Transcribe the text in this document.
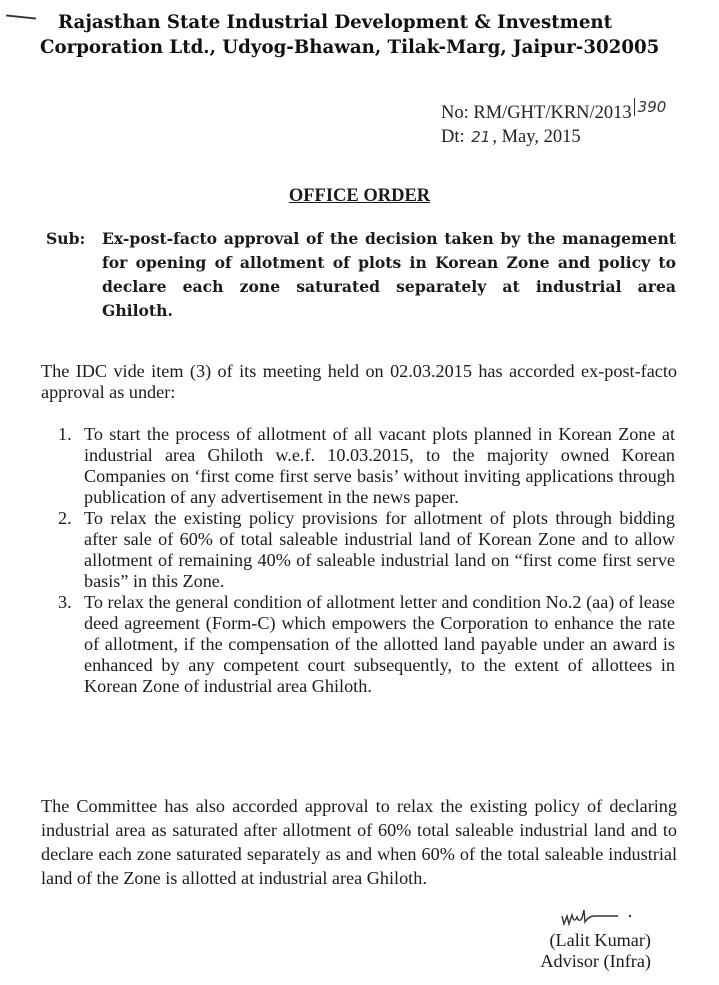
Rajasthan State Industrial Development & Investment
Corporation Ltd., Udyog-Bhawan, Tilak-Marg, Jaipur-302005
No: RM/GHT/KRN/2013 $^{390}$
Dt: 21 , May, 2015
OFFICE ORDER
Sub: Ex-post-facto approval of the decision taken by the management for opening of allotment of plots in Korean Zone and policy to declare each zone saturated separately at industrial area Ghiloth.
The IDC vide item (3) of its meeting held on 02.03.2015 has accorded ex-post-facto approval as under:
1. To start the process of allotment of all vacant plots planned in Korean Zone at industrial area Ghiloth w.e.f. 10.03.2015, to the majority owned Korean Companies on ‘first come first serve basis’ without inviting applications through publication of any advertisement in the news paper.
2. To relax the existing policy provisions for allotment of plots through bidding after sale of 60% of total saleable industrial land of Korean Zone and to allow allotment of remaining 40% of saleable industrial land on “first come first serve basis” in this Zone.
3. To relax the general condition of allotment letter and condition No.2 (aa) of lease deed agreement (Form-C) which empowers the Corporation to enhance the rate of allotment, if the compensation of the allotted land payable under an award is enhanced by any competent court subsequently, to the extent of allottees in Korean Zone of industrial area Ghiloth.
The Committee has also accorded approval to relax the existing policy of declaring industrial area as saturated after allotment of 60% total saleable industrial land and to declare each zone saturated separately as and when 60% of the total saleable industrial land of the Zone is allotted at industrial area Ghiloth.
(Lalit Kumar)
Advisor (Infra)
